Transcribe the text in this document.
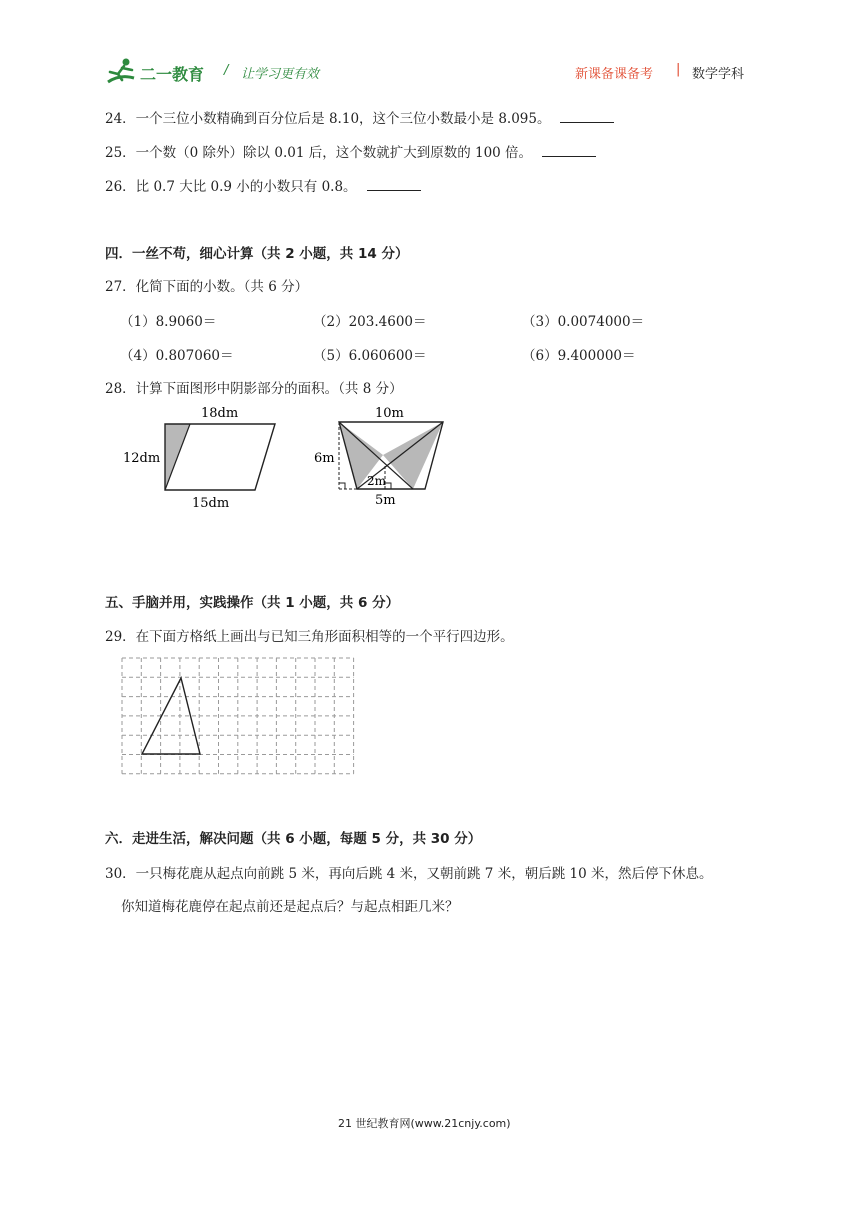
二一教育 / 让学习更有效	新课备课备考 | 数学学科
24．一个三位小数精确到百分位后是 8.10，这个三位小数最小是 8.095。
25．一个数（0 除外）除以 0.01 后，这个数就扩大到原数的 100 倍。
26．比 0.7 大比 0.9 小的小数只有 0.8。
四．一丝不苟，细心计算（共 2 小题，共 14 分）
27．化简下面的小数。（共 6 分）
（1）8.9060＝	（2）203.4600＝	（3）0.0074000＝
（4）0.807060＝	（5）6.060600＝	（6）9.400000＝
28．计算下面图形中阴影部分的面积。（共 8 分）
18dm
12dm
15dm
10m
6m
2m
5m
五、手脑并用，实践操作（共 1 小题，共 6 分）
29．在下面方格纸上画出与已知三角形面积相等的一个平行四边形。
六．走进生活，解决问题（共 6 小题，每题 5 分，共 30 分）
30．一只梅花鹿从起点向前跳 5 米，再向后跳 4 米，又朝前跳 7 米，朝后跳 10 米，然后停下休息。
你知道梅花鹿停在起点前还是起点后？与起点相距几米？
21 世纪教育网(www.21cnjy.com)
